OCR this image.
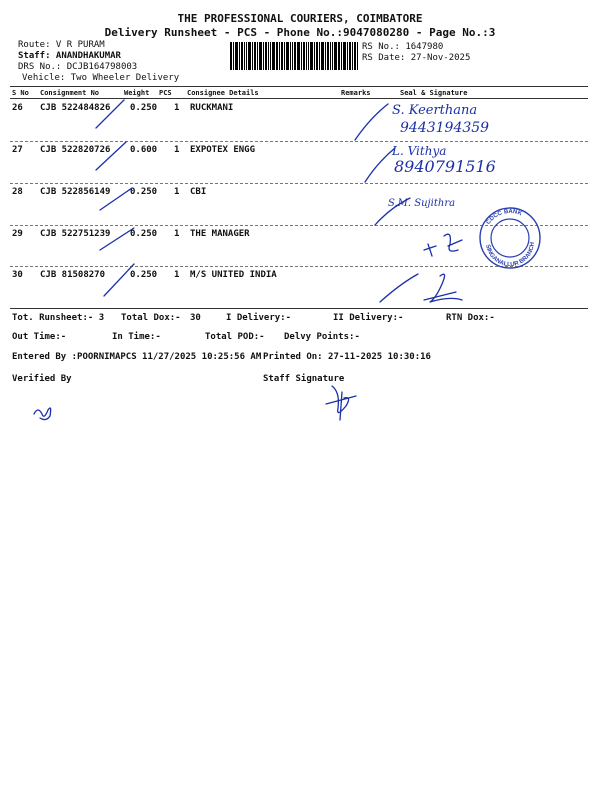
THE PROFESSIONAL COURIERS, COIMBATORE
Delivery Runsheet - PCS - Phone No.:9047080280 - Page No.:3
Route: V R PURAM
Staff: ANANDHAKUMAR
DRS No.: DCJB164798003
Vehicle: Two Wheeler Delivery
RS No.: 1647980
RS Date: 27-Nov-2025
S No Consignment No	Weight PCS Consignee Details	Remarks	Seal & Signature
26 CJB 522484826 0.250 1 RUCKMANI
27 CJB 522820726 0.600 1 EXPOTEX ENGG
28 CJB 522856149 0.250 1 CBI
29 CJB 522751239 0.250 1 THE MANAGER
30 CJB 81508270	0.250 1 M/S UNITED INDIA
Tot. Runsheet:- 3 Total Dox:- 30	I Delivery:-	II Delivery:-	RTN Dox:-
Out Time:-	In Time:-	Total POD:- Delvy Points:-
Entered By :POORNIMAPCS 11/27/2025 10:25:56 AM Printed On: 27-11-2025 10:30:16
Verified By	Staff Signature
S. Keerthana
9443194359
L. Vithya
8940791516
S.M. Sujithra
CDCC BANK
SINGANALLUR BRANCH
